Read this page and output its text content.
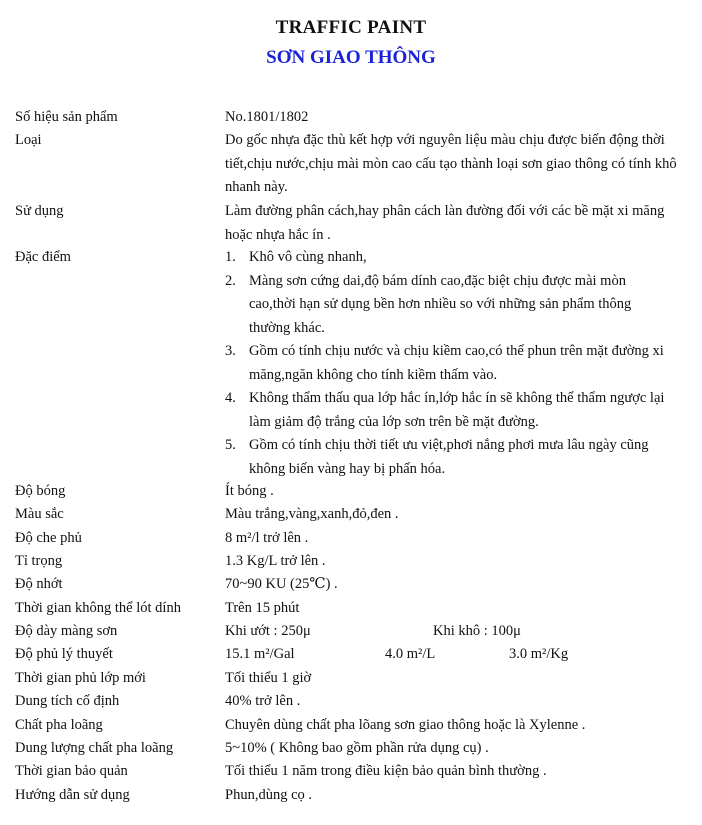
TRAFFIC PAINT
SƠN GIAO THÔNG
Số hiệu sản phẩm	No.1801/1802
Loại	Do gốc nhựa đặc thù kết hợp với nguyên liệu màu chịu được biến động thời tiết,chịu nước,chịu mài mòn cao cấu tạo thành loại sơn giao thông có tính khô nhanh này.
Sử dụng	Làm đường phân cách,hay phân cách làn đường đối với các bề mặt xi măng hoặc nhựa hắc ín .
Đặc điểm	1. Khô vô cùng nhanh,
2. Màng sơn cứng dai,độ bám dính cao,đặc biệt chịu được mài mòn cao,thời hạn sử dụng bền hơn nhiều so với những sản phẩm thông thường khác.
3. Gồm có tính chịu nước và chịu kiềm cao,có thể phun trên mặt đường xi măng,ngăn không cho tính kiềm thấm vào.
4. Không thẩm thấu qua lớp hắc ín,lớp hắc ín sẽ không thể thẩm ngược lại làm giảm độ trắng của lớp sơn trên bề mặt đường.
5. Gồm có tính chịu thời tiết ưu việt,phơi nắng phơi mưa lâu ngày cũng không biến vàng hay bị phấn hóa.
Độ bóng	Ít bóng .
Màu sắc	Màu trắng,vàng,xanh,đỏ,đen .
Độ che phủ	8 m²/l trở lên .
Tỉ trọng	1.3 Kg/L trở lên .
Độ nhớt	70~90 KU (25℃) .
Thời gian không thể lót dính	Trên 15 phút
Độ dày màng sơn	Khi ướt : 250μ	Khi khô : 100μ
Độ phủ lý thuyết	15.1 m²/Gal	4.0 m²/L	3.0 m²/Kg
Thời gian phủ lớp mới	Tối thiểu 1 giờ
Dung tích cố định	40% trở lên .
Chất pha loãng	Chuyên dùng chất pha lõang sơn giao thông hoặc là Xylenne .
Dung lượng chất pha loãng	5~10% ( Không bao gồm phần rửa dụng cụ) .
Thời gian bảo quản	Tối thiểu 1 năm trong điều kiện bảo quản bình thường .
Hướng dẫn sử dụng	Phun,dùng cọ .
